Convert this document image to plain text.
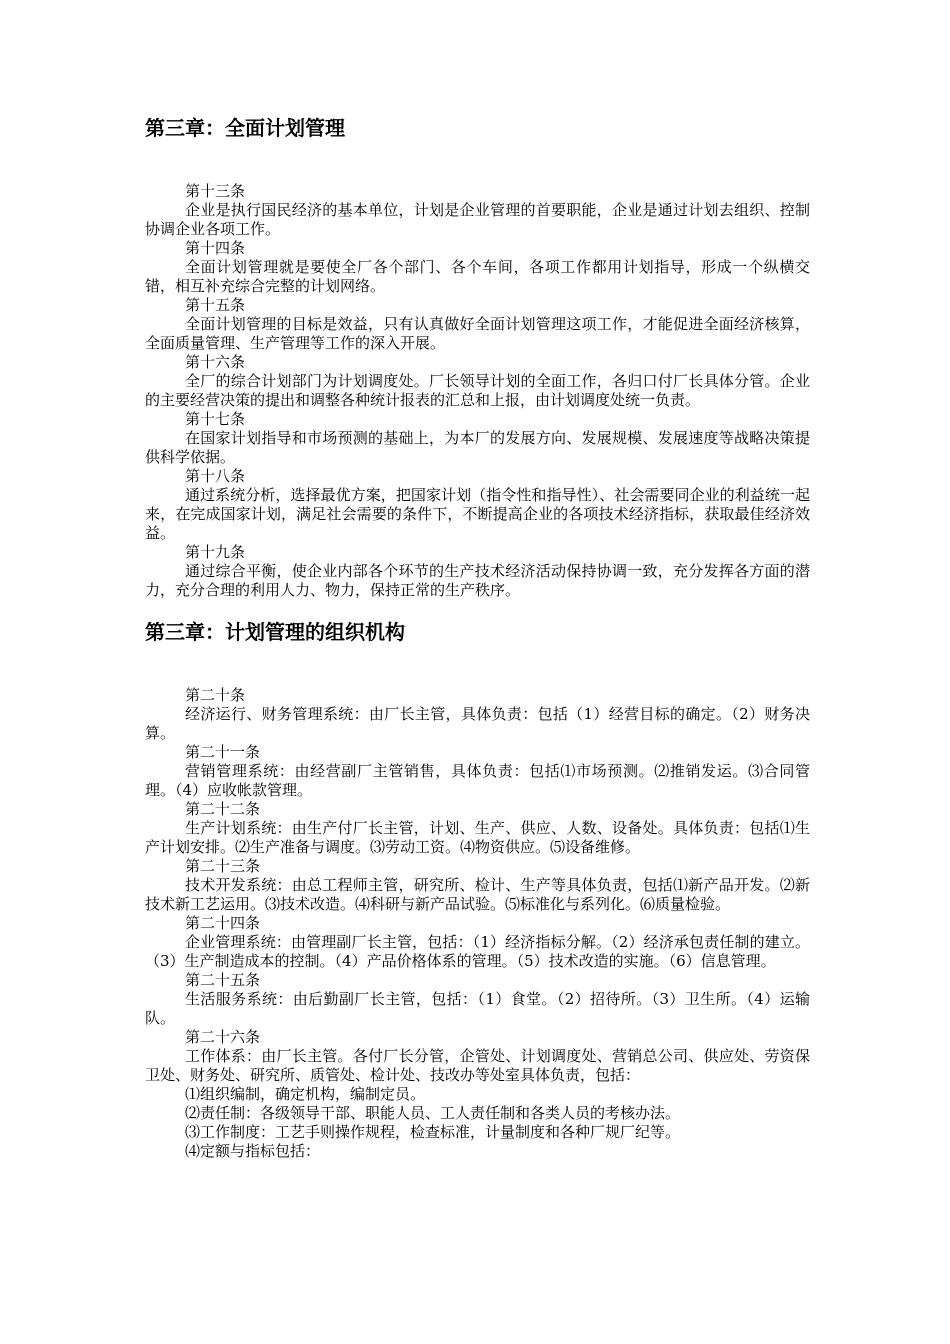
第三章：全面计划管理

第十三条

企业是执行国民经济的基本单位，计划是企业管理的首要职能，企业是通过计划去组织、控制协调企业各项工作。

第十四条

全面计划管理就是要使全厂各个部门、各个车间，各项工作都用计划指导，形成一个纵横交错，相互补充综合完整的计划网络。

第十五条

全面计划管理的目标是效益，只有认真做好全面计划管理这项工作，才能促进全面经济核算，全面质量管理、生产管理等工作的深入开展。

第十六条

全厂的综合计划部门为计划调度处。厂长领导计划的全面工作，各归口付厂长具体分管。企业的主要经营决策的提出和调整各种统计报表的汇总和上报，由计划调度处统一负责。

第十七条

在国家计划指导和市场预测的基础上，为本厂的发展方向、发展规模、发展速度等战略决策提供科学依据。

第十八条

通过系统分析，选择最优方案，把国家计划（指令性和指导性）、社会需要同企业的利益统一起来，在完成国家计划，满足社会需要的条件下，不断提高企业的各项技术经济指标，获取最佳经济效益。

第十九条

通过综合平衡，使企业内部各个环节的生产技术经济活动保持协调一致，充分发挥各方面的潜力，充分合理的利用人力、物力，保持正常的生产秩序。

第三章：计划管理的组织机构

第二十条

经济运行、财务管理系统：由厂长主管，具体负责：包括（1）经营目标的确定。（2）财务决算。

第二十一条

营销管理系统：由经营副厂主管销售，具体负责：包括⑴市场预测。⑵推销发运。⑶合同管理。（4）应收帐款管理。

第二十二条

生产计划系统：由生产付厂长主管，计划、生产、供应、人数、设备处。具体负责：包括⑴生产计划安排。⑵生产准备与调度。⑶劳动工资。⑷物资供应。⑸设备维修。

第二十三条

技术开发系统：由总工程师主管，研究所、检计、生产等具体负责，包括⑴新产品开发。⑵新技术新工艺运用。⑶技术改造。⑷科研与新产品试验。⑸标准化与系列化。⑹质量检验。

第二十四条

企业管理系统：由管理副厂长主管，包括：（1）经济指标分解。（2）经济承包责任制的建立。（3）生产制造成本的控制。（4）产品价格体系的管理。（5）技术改造的实施。（6）信息管理。

第二十五条

生活服务系统：由后勤副厂长主管，包括：（1）食堂。（2）招待所。（3）卫生所。（4）运输队。

第二十六条

工作体系：由厂长主管。各付厂长分管，企管处、计划调度处、营销总公司、供应处、劳资保卫处、财务处、研究所、质管处、检计处、技改办等处室具体负责，包括：

⑴组织编制，确定机构，编制定员。

⑵责任制：各级领导干部、职能人员、工人责任制和各类人员的考核办法。

⑶工作制度：工艺手则操作规程，检查标准，计量制度和各种厂规厂纪等。

⑷定额与指标包括：
